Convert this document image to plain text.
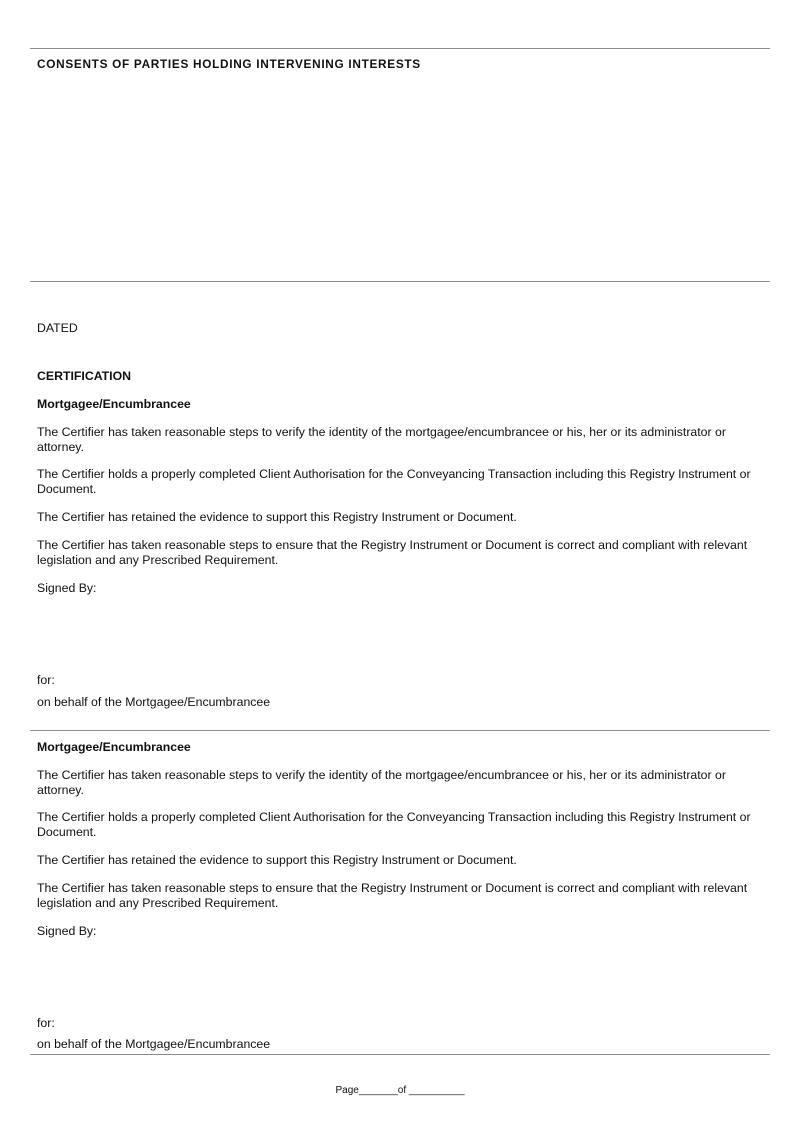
CONSENTS OF PARTIES HOLDING INTERVENING INTERESTS

DATED

CERTIFICATION

Mortgagee/Encumbrancee

The Certifier has taken reasonable steps to verify the identity of the mortgagee/encumbrancee or his, her or its administrator or attorney.

The Certifier holds a properly completed Client Authorisation for the Conveyancing Transaction including this Registry Instrument or Document.

The Certifier has retained the evidence to support this Registry Instrument or Document.

The Certifier has taken reasonable steps to ensure that the Registry Instrument or Document is correct and compliant with relevant legislation and any Prescribed Requirement.

Signed By:

for:

on behalf of the Mortgagee/Encumbrancee

Mortgagee/Encumbrancee

The Certifier has taken reasonable steps to verify the identity of the mortgagee/encumbrancee or his, her or its administrator or attorney.

The Certifier holds a properly completed Client Authorisation for the Conveyancing Transaction including this Registry Instrument or Document.

The Certifier has retained the evidence to support this Registry Instrument or Document.

The Certifier has taken reasonable steps to ensure that the Registry Instrument or Document is correct and compliant with relevant legislation and any Prescribed Requirement.

Signed By:

for:

on behalf of the Mortgagee/Encumbrancee

Page_______of __________
